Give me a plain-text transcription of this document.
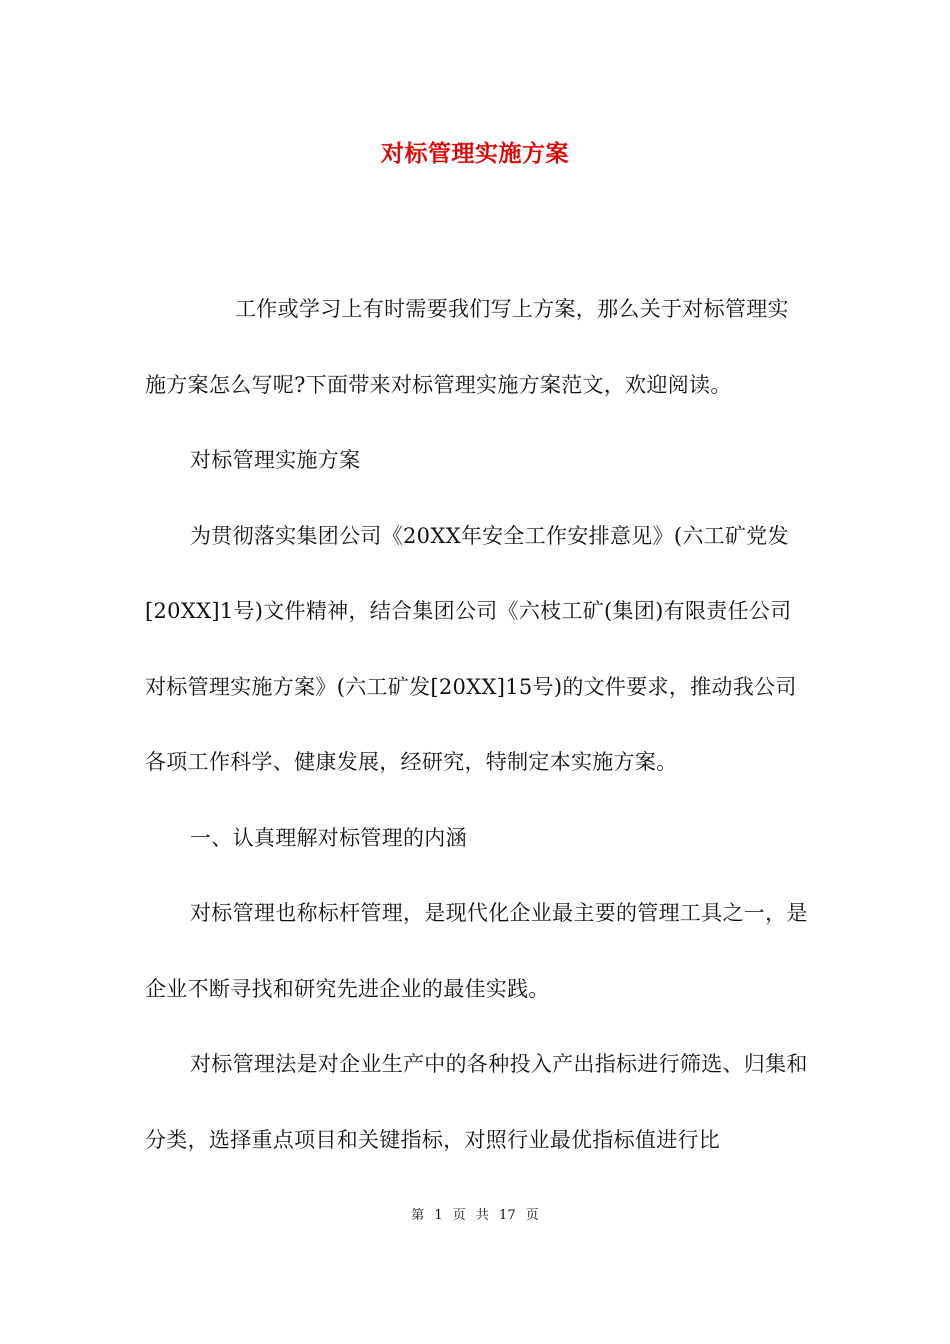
对标管理实施方案

工作或学习上有时需要我们写上方案，那么关于对标管理实施方案怎么写呢?下面带来对标管理实施方案范文，欢迎阅读。

对标管理实施方案

为贯彻落实集团公司《20XX年安全工作安排意见》(六工矿党发[20XX]1号)文件精神，结合集团公司《六枝工矿(集团)有限责任公司对标管理实施方案》(六工矿发[20XX]15号)的文件要求，推动我公司各项工作科学、健康发展，经研究，特制定本实施方案。

一、认真理解对标管理的内涵

对标管理也称标杆管理，是现代化企业最主要的管理工具之一，是企业不断寻找和研究先进企业的最佳实践。

对标管理法是对企业生产中的各种投入产出指标进行筛选、归集和分类，选择重点项目和关键指标，对照行业最优指标值进行比

第 1 页 共 17 页
